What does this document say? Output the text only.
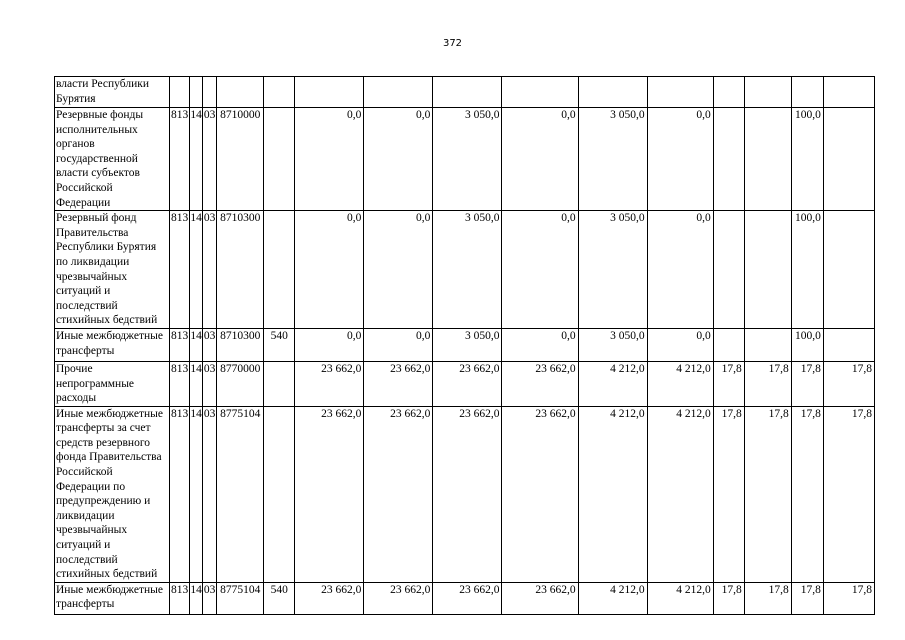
372
власти Республики Бурятия															
Резервные фонды исполнительных органов государственной власти субъектов Российской Федерации	813	14	03	8710000		0,0	0,0	3 050,0	0,0	3 050,0	0,0			100,0	
Резервный фонд Правительства Республики Бурятия по ликвидации чрезвычайных ситуаций и последствий стихийных бедствий	813	14	03	8710300		0,0	0,0	3 050,0	0,0	3 050,0	0,0			100,0	
Иные межбюджетные трансферты	813	14	03	8710300	540	0,0	0,0	3 050,0	0,0	3 050,0	0,0			100,0	
Прочие непрограммные расходы	813	14	03	8770000		23 662,0	23 662,0	23 662,0	23 662,0	4 212,0	4 212,0	17,8	17,8	17,8	17,8
Иные межбюджетные трансферты за счет средств резервного фонда Правительства Российской Федерации по предупреждению и ликвидации чрезвычайных ситуаций и последствий стихийных бедствий	813	14	03	8775104		23 662,0	23 662,0	23 662,0	23 662,0	4 212,0	4 212,0	17,8	17,8	17,8	17,8
Иные межбюджетные трансферты	813	14	03	8775104	540	23 662,0	23 662,0	23 662,0	23 662,0	4 212,0	4 212,0	17,8	17,8	17,8	17,8
